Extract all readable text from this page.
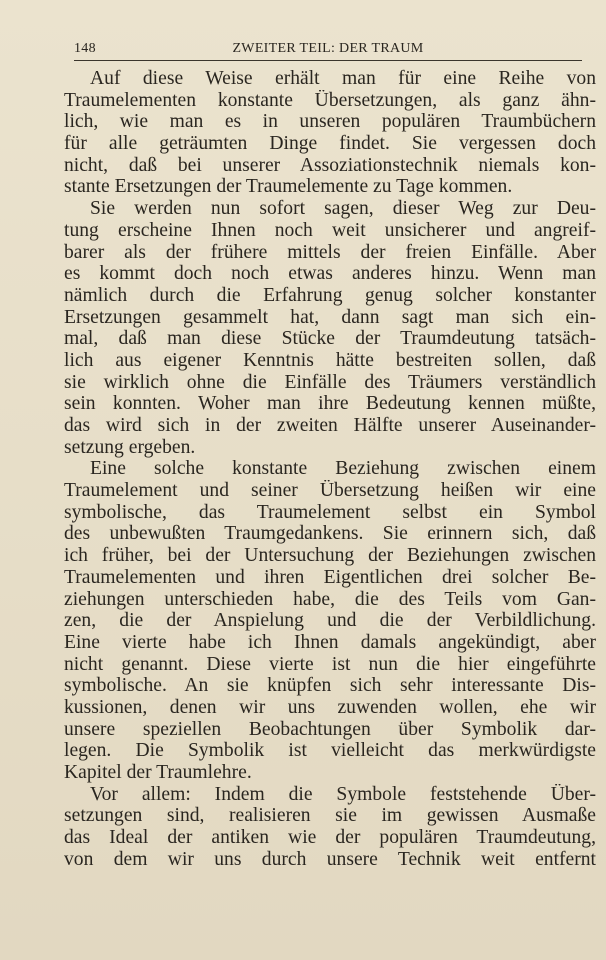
148	ZWEITER TEIL: DER TRAUM
Auf diese Weise erhält man für eine Reihe von
Traumelementen konstante Übersetzungen, als ganz ähn-
lich, wie man es in unseren populären Traumbüchern
für alle geträumten Dinge findet. Sie vergessen doch
nicht, daß bei unserer Assoziationstechnik niemals kon-
stante Ersetzungen der Traumelemente zu Tage kommen.
Sie werden nun sofort sagen, dieser Weg zur Deu-
tung erscheine Ihnen noch weit unsicherer und angreif-
barer als der frühere mittels der freien Einfälle. Aber
es kommt doch noch etwas anderes hinzu. Wenn man
nämlich durch die Erfahrung genug solcher konstanter
Ersetzungen gesammelt hat, dann sagt man sich ein-
mal, daß man diese Stücke der Traumdeutung tatsäch-
lich aus eigener Kenntnis hätte bestreiten sollen, daß
sie wirklich ohne die Einfälle des Träumers verständlich
sein konnten. Woher man ihre Bedeutung kennen müßte,
das wird sich in der zweiten Hälfte unserer Auseinander-
setzung ergeben.
Eine solche konstante Beziehung zwischen einem
Traumelement und seiner Übersetzung heißen wir eine
symbolische, das Traumelement selbst ein Symbol
des unbewußten Traumgedankens. Sie erinnern sich, daß
ich früher, bei der Untersuchung der Beziehungen zwischen
Traumelementen und ihren Eigentlichen drei solcher Be-
ziehungen unterschieden habe, die des Teils vom Gan-
zen, die der Anspielung und die der Verbildlichung.
Eine vierte habe ich Ihnen damals angekündigt, aber
nicht genannt. Diese vierte ist nun die hier eingeführte
symbolische. An sie knüpfen sich sehr interessante Dis-
kussionen, denen wir uns zuwenden wollen, ehe wir
unsere speziellen Beobachtungen über Symbolik dar-
legen. Die Symbolik ist vielleicht das merkwürdigste
Kapitel der Traumlehre.
Vor allem: Indem die Symbole feststehende Über-
setzungen sind, realisieren sie im gewissen Ausmaße
das Ideal der antiken wie der populären Traumdeutung,
von dem wir uns durch unsere Technik weit entfernt
